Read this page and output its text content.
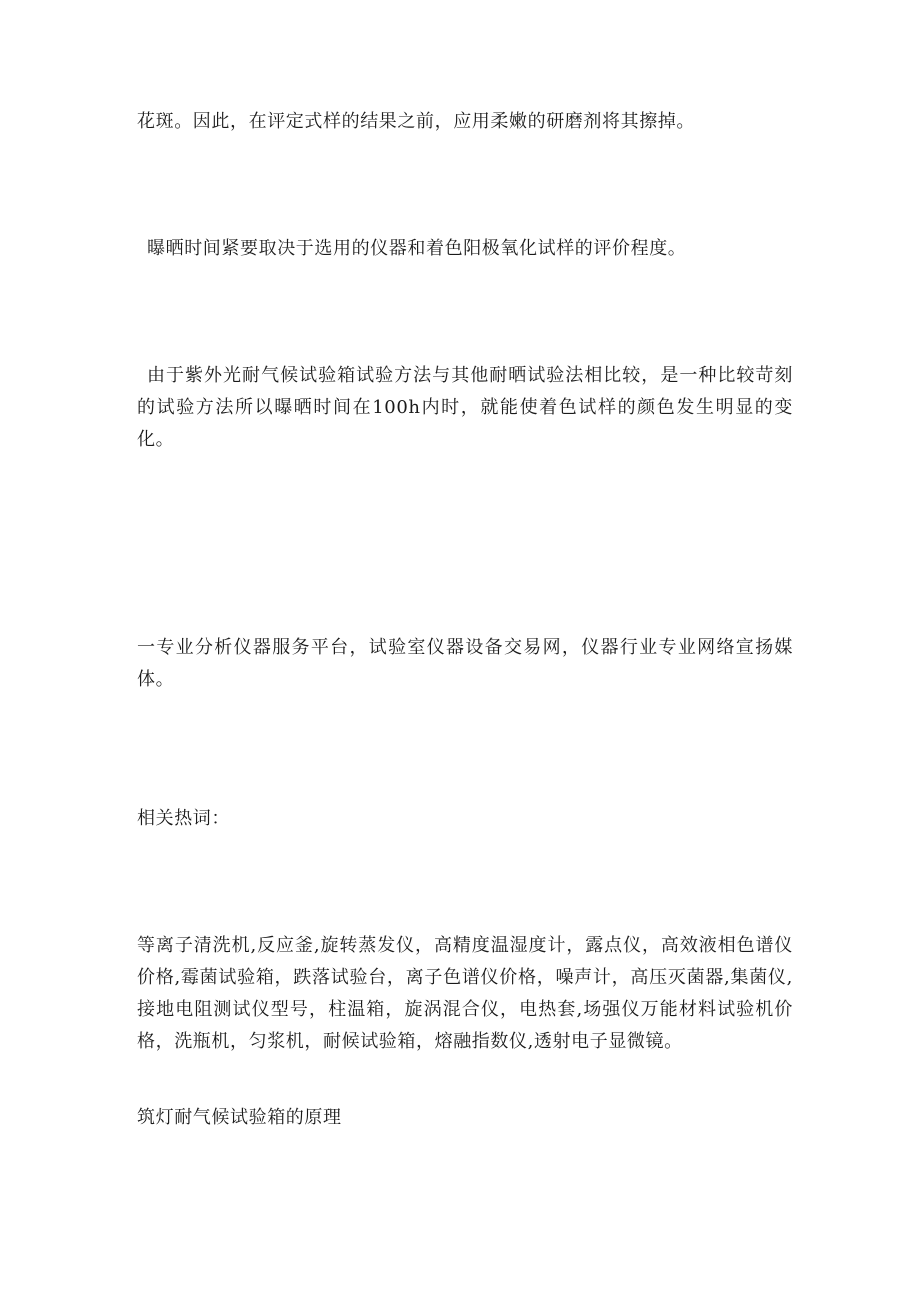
花斑。因此，在评定式样的结果之前，应用柔嫩的研磨剂将其擦掉。

曝晒时间紧要取决于选用的仪器和着色阳极氧化试样的评价程度。

由于紫外光耐气候试验箱试验方法与其他耐晒试验法相比较，是一种比较苛刻的试验方法所以曝晒时间在100h内时，就能使着色试样的颜色发生明显的变化。

一专业分析仪器服务平台，试验室仪器设备交易网，仪器行业专业网络宣扬媒体。

相关热词：

等离子清洗机,反应釜,旋转蒸发仪，高精度温湿度计，露点仪，高效液相色谱仪价格,霉菌试验箱，跌落试验台，离子色谱仪价格，噪声计，高压灭菌器,集菌仪,接地电阻测试仪型号，柱温箱，旋涡混合仪，电热套,场强仪万能材料试验机价格，洗瓶机，匀浆机，耐候试验箱，熔融指数仪,透射电子显微镜。

筑灯耐气候试验箱的原理
